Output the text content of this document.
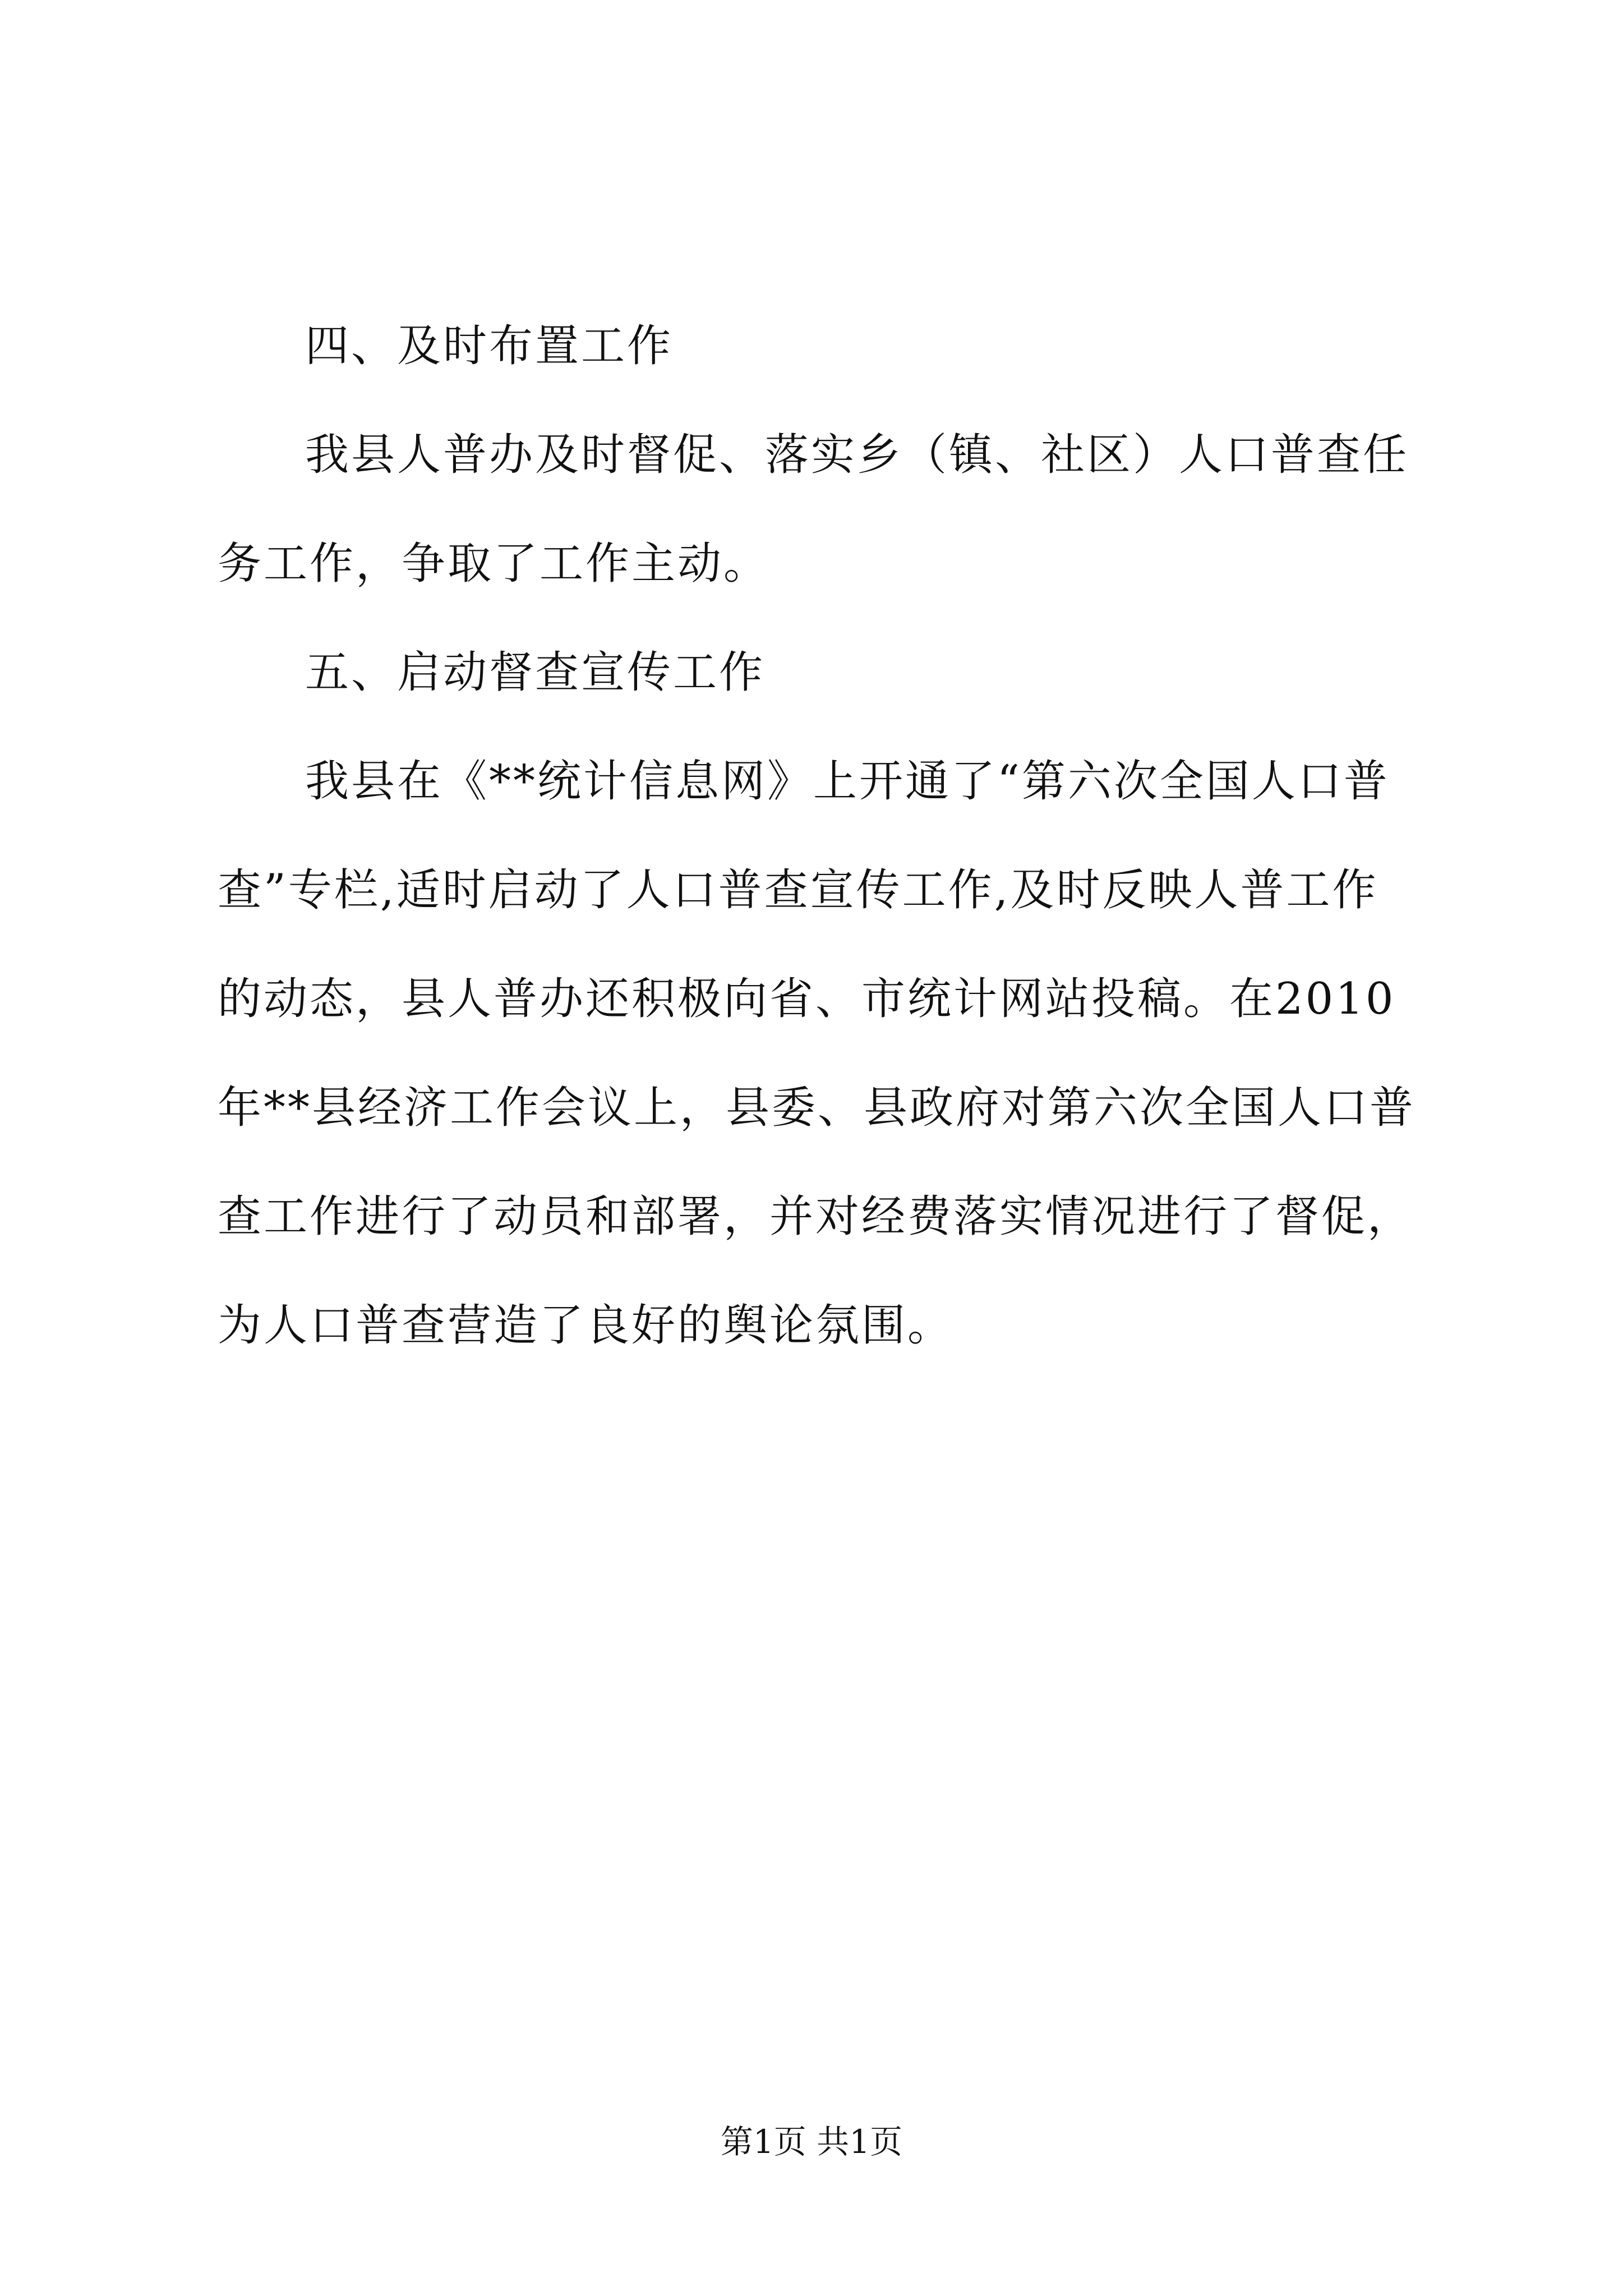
四、及时布置工作

我县人普办及时督促、落实乡（镇、社区）人口普查任务工作，争取了工作主动。

五、启动督查宣传工作

我县在《**统计信息网》上开通了“第六次全国人口普查”专栏,适时启动了人口普查宣传工作,及时反映人普工作的动态，县人普办还积极向省、市统计网站投稿。在2010年**县经济工作会议上，县委、县政府对第六次全国人口普查工作进行了动员和部署，并对经费落实情况进行了督促，为人口普查营造了良好的舆论氛围。

第1页 共1页
